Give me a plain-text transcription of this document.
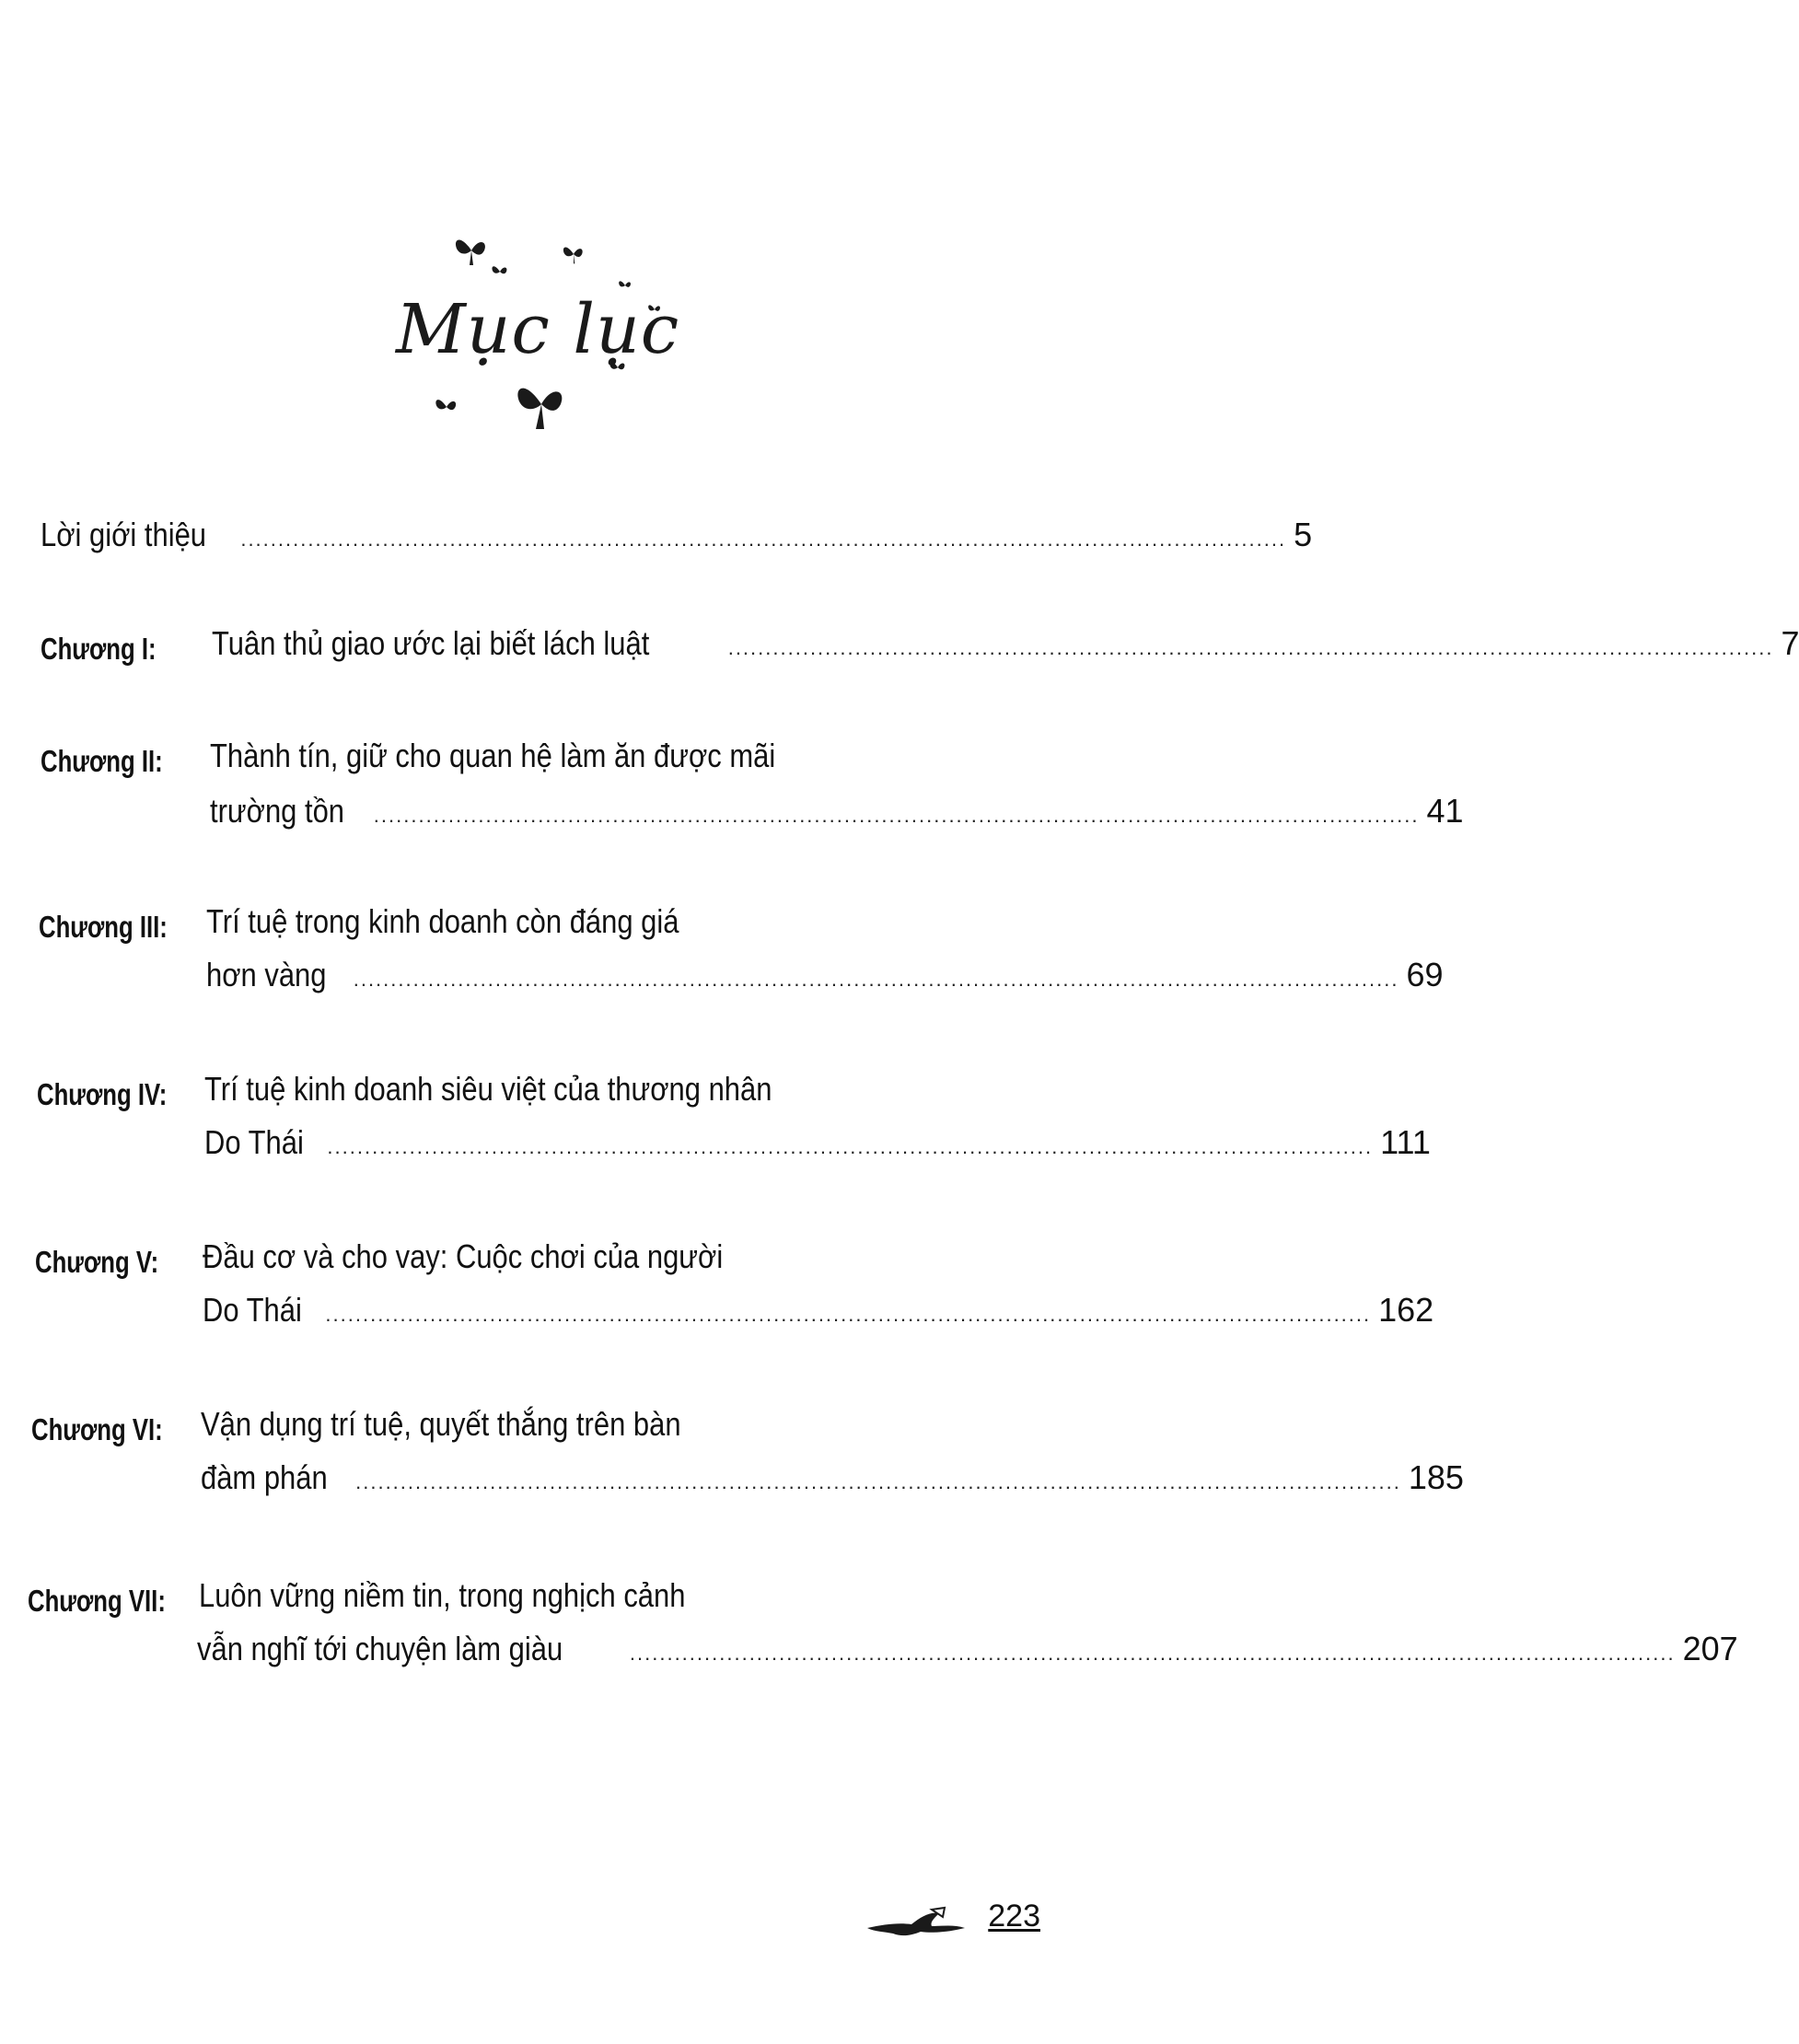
Mục lục
Lời giới thiệu ............................................................................................................................................ 5
Chương I: Tuân thủ giao ước lại biết lách luật	............................................................................................................................................ 7
Chương II: Thành tín, giữ cho quan hệ làm ăn được mãi
trường tồn ............................................................................................................................................ 41
Chương III: Trí tuệ trong kinh doanh còn đáng giá
hơn vàng ............................................................................................................................................ 69
Chương IV: Trí tuệ kinh doanh siêu việt của thương nhân
Do Thái ............................................................................................................................................ 111
Chương V: Đầu cơ và cho vay: Cuộc chơi của người
Do Thái ............................................................................................................................................ 162
Chương VI: Vận dụng trí tuệ, quyết thắng trên bàn
đàm phán ............................................................................................................................................ 185
Chương VII: Luôn vững niềm tin, trong nghịch cảnh
vẫn nghĩ tới chuyện làm giàu	............................................................................................................................................ 207
223
